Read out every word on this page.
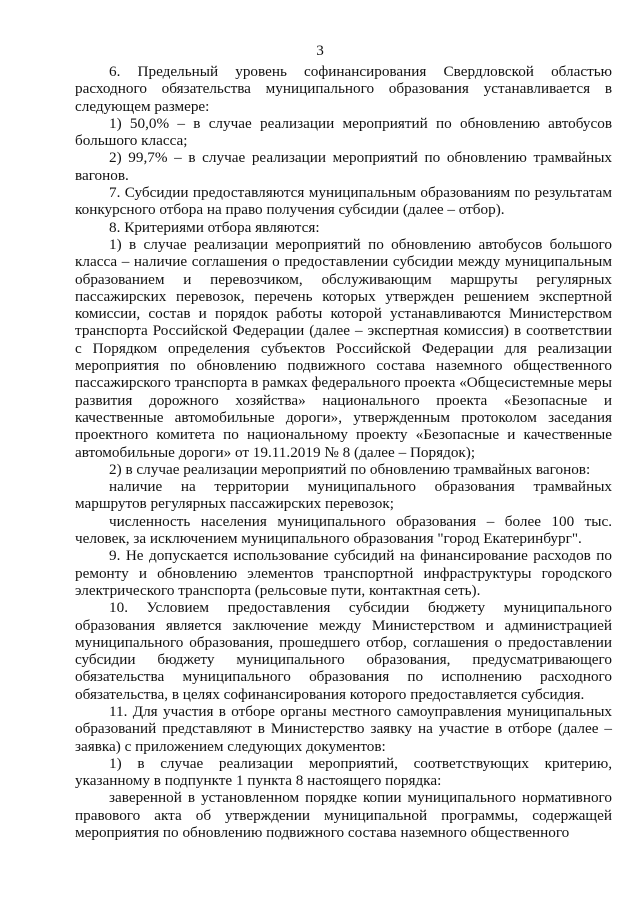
3

6. Предельный уровень софинансирования Свердловской областью расходного обязательства муниципального образования устанавливается в следующем размере:

1) 50,0% – в случае реализации мероприятий по обновлению автобусов большого класса;

2) 99,7% – в случае реализации мероприятий по обновлению трамвайных вагонов.

7. Субсидии предоставляются муниципальным образованиям по результатам конкурсного отбора на право получения субсидии (далее – отбор).

8. Критериями отбора являются:

1) в случае реализации мероприятий по обновлению автобусов большого класса – наличие соглашения о предоставлении субсидии между муниципальным образованием и перевозчиком, обслуживающим маршруты регулярных пассажирских перевозок, перечень которых утвержден решением экспертной комиссии, состав и порядок работы которой устанавливаются Министерством транспорта Российской Федерации (далее – экспертная комиссия) в соответствии с Порядком определения субъектов Российской Федерации для реализации мероприятия по обновлению подвижного состава наземного общественного пассажирского транспорта в рамках федерального проекта «Общесистемные меры развития дорожного хозяйства» национального проекта «Безопасные и качественные автомобильные дороги», утвержденным протоколом заседания проектного комитета по национальному проекту «Безопасные и качественные автомобильные дороги» от 19.11.2019 № 8 (далее – Порядок);

2) в случае реализации мероприятий по обновлению трамвайных вагонов:

наличие на территории муниципального образования трамвайных маршрутов регулярных пассажирских перевозок;

численность населения муниципального образования – более 100 тыс. человек, за исключением муниципального образования "город Екатеринбург".

9. Не допускается использование субсидий на финансирование расходов по ремонту и обновлению элементов транспортной инфраструктуры городского электрического транспорта (рельсовые пути, контактная сеть).

10. Условием предоставления субсидии бюджету муниципального образования является заключение между Министерством и администрацией муниципального образования, прошедшего отбор, соглашения о предоставлении субсидии бюджету муниципального образования, предусматривающего обязательства муниципального образования по исполнению расходного обязательства, в целях софинансирования которого предоставляется субсидия.

11. Для участия в отборе органы местного самоуправления муниципальных образований представляют в Министерство заявку на участие в отборе (далее – заявка) с приложением следующих документов:

1) в случае реализации мероприятий, соответствующих критерию, указанному в подпункте 1 пункта 8 настоящего порядка:

заверенной в установленном порядке копии муниципального нормативного правового акта об утверждении муниципальной программы, содержащей мероприятия по обновлению подвижного состава наземного общественного
